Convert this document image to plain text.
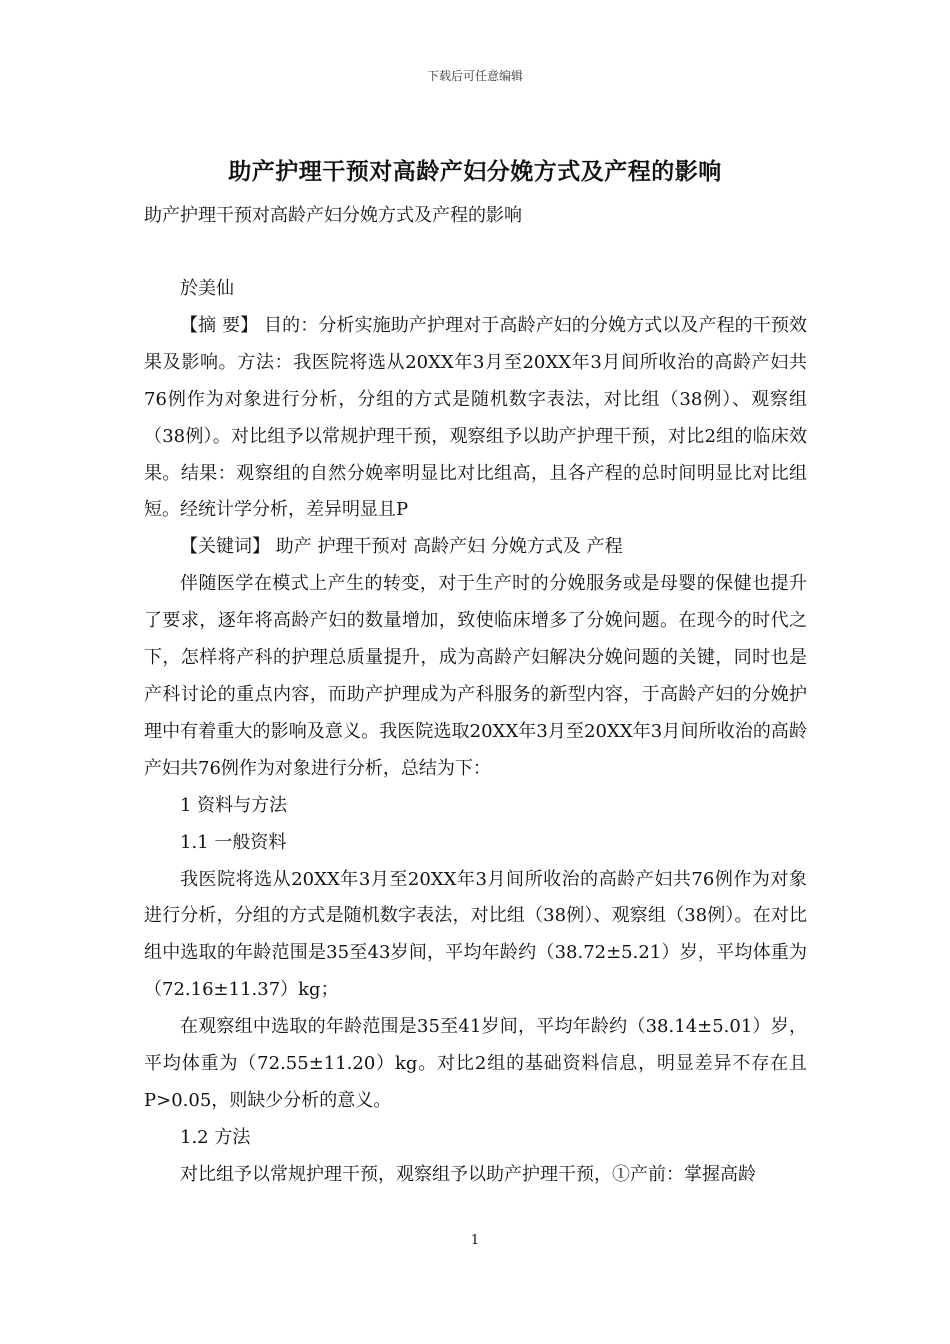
下载后可任意编辑
助产护理干预对高龄产妇分娩方式及产程的影响
助产护理干预对高龄产妇分娩方式及产程的影响

於美仙

【摘 要】 目的：分析实施助产护理对于高龄产妇的分娩方式以及产程的干预效果及影响。方法：我医院将选从20XX年3月至20XX年3月间所收治的高龄产妇共76例作为对象进行分析，分组的方式是随机数字表法，对比组（38例）、观察组（38例）。对比组予以常规护理干预，观察组予以助产护理干预，对比2组的临床效果。结果：观察组的自然分娩率明显比对比组高，且各产程的总时间明显比对比组短。经统计学分析，差异明显且P

【关键词】 助产 护理干预对 高龄产妇 分娩方式及 产程

伴随医学在模式上产生的转变，对于生产时的分娩服务或是母婴的保健也提升了要求，逐年将高龄产妇的数量增加，致使临床增多了分娩问题。在现今的时代之下，怎样将产科的护理总质量提升，成为高龄产妇解决分娩问题的关键，同时也是产科讨论的重点内容，而助产护理成为产科服务的新型内容，于高龄产妇的分娩护理中有着重大的影响及意义。我医院选取20XX年3月至20XX年3月间所收治的高龄产妇共76例作为对象进行分析，总结为下：

1 资料与方法

1.1 一般资料

我医院将选从20XX年3月至20XX年3月间所收治的高龄产妇共76例作为对象进行分析，分组的方式是随机数字表法，对比组（38例）、观察组（38例）。在对比组中选取的年龄范围是35至43岁间，平均年龄约（38.72±5.21）岁，平均体重为（72.16±11.37）kg；

在观察组中选取的年龄范围是35至41岁间，平均年龄约（38.14±5.01）岁，平均体重为（72.55±11.20）kg。对比2组的基础资料信息，明显差异不存在且P>0.05，则缺少分析的意义。

1.2 方法

对比组予以常规护理干预，观察组予以助产护理干预，①产前：掌握高龄

1
